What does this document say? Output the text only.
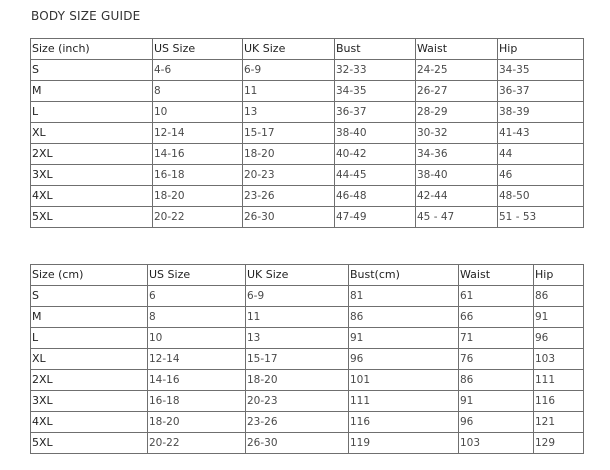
BODY SIZE GUIDE
Size (inch)	US Size	UK Size	Bust	Waist	Hip
S	4-6	6-9	32-33	24-25	34-35
M	8	11	34-35	26-27	36-37
L	10	13	36-37	28-29	38-39
XL	12-14	15-17	38-40	30-32	41-43
2XL	14-16	18-20	40-42	34-36	44
3XL	16-18	20-23	44-45	38-40	46
4XL	18-20	23-26	46-48	42-44	48-50
5XL	20-22	26-30	47-49	45 - 47	51 - 53
Size (cm)	US Size	UK Size	Bust(cm)	Waist	Hip
S	6	6-9	81	61	86
M	8	11	86	66	91
L	10	13	91	71	96
XL	12-14	15-17	96	76	103
2XL	14-16	18-20	101	86	111
3XL	16-18	20-23	111	91	116
4XL	18-20	23-26	116	96	121
5XL	20-22	26-30	119	103	129
